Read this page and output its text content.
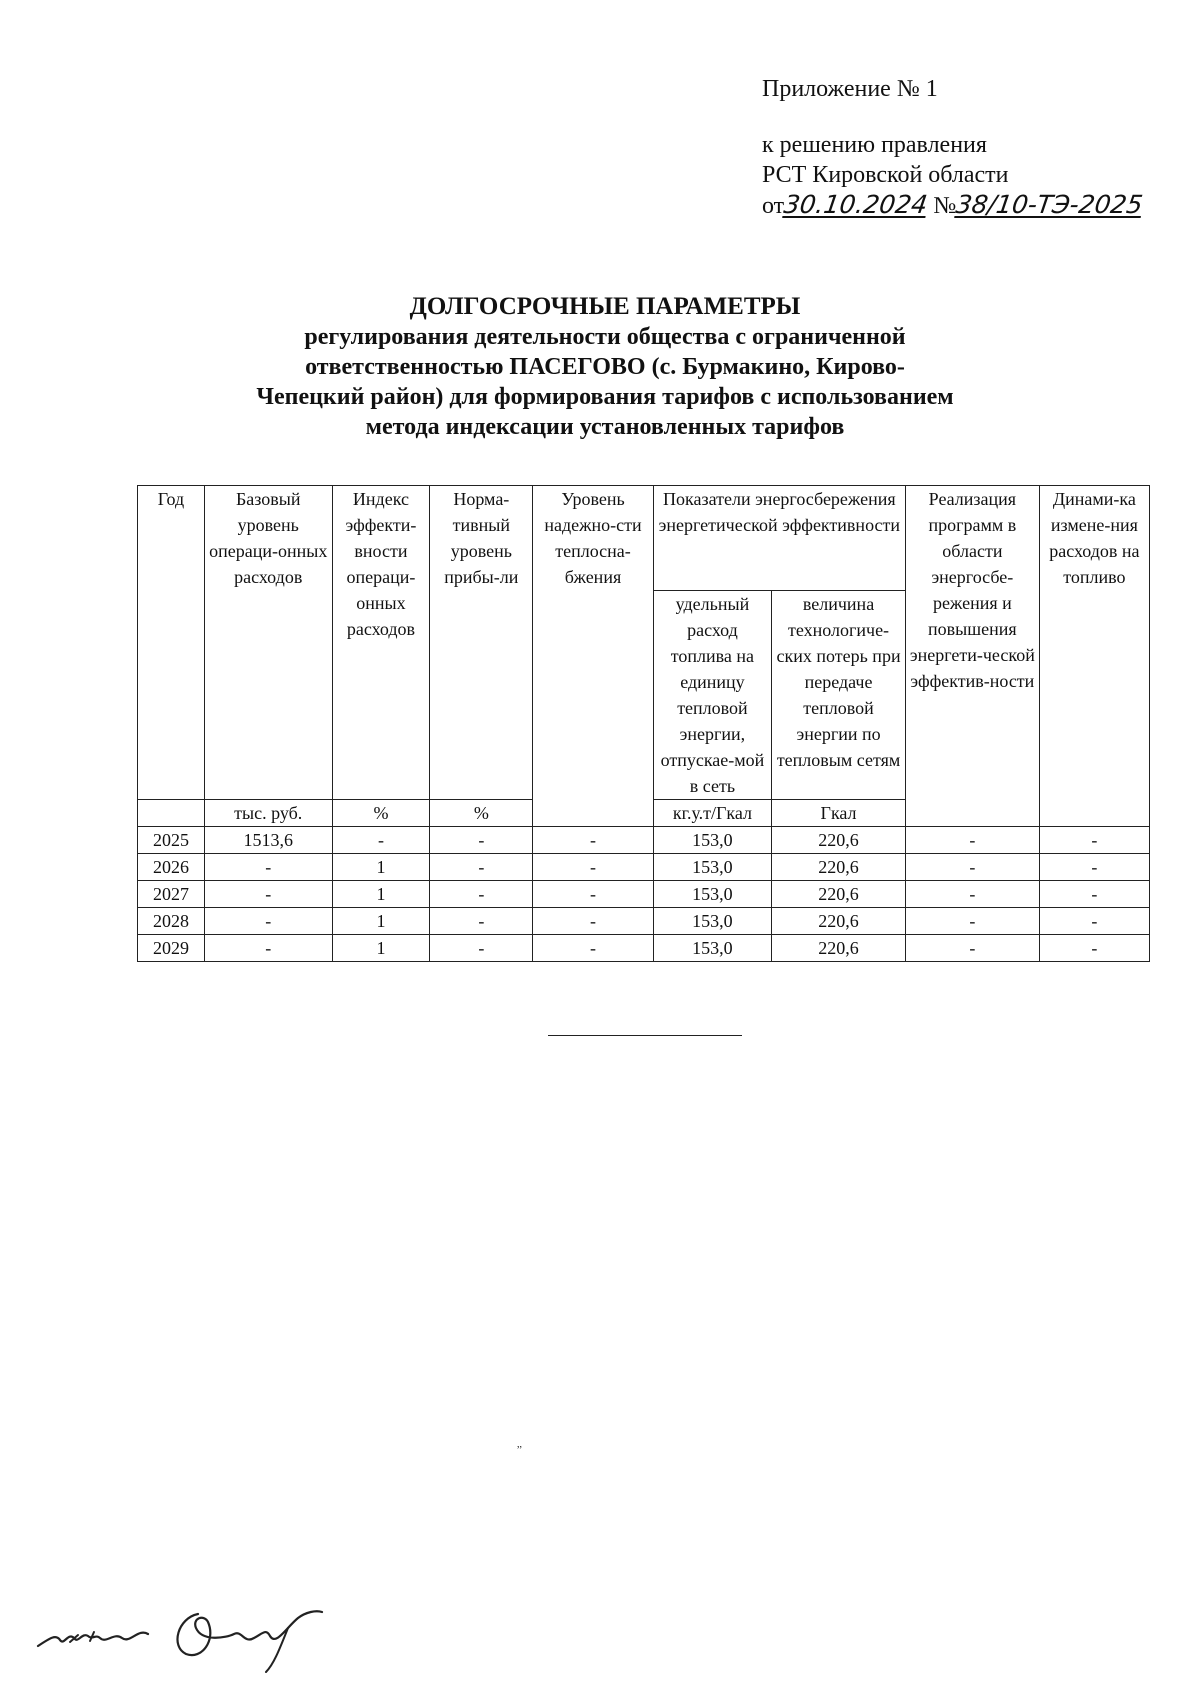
Приложение № 1
к решению правления
РСТ Кировской области
от30.10.2024 №38/10-ТЭ-2025
ДОЛГОСРОЧНЫЕ ПАРАМЕТРЫ
регулирования деятельности общества с ограниченной
ответственностью ПАСЕГОВО (с. Бурмакино, Кирово-
Чепецкий район) для формирования тарифов с использованием
метода индексации установленных тарифов
Год	Базовый уровень операци-онных расходов	Индекс эффекти-вности операци-онных расходов	Норма-тивный уровень прибы-ли	Уровень надежно-сти теплосна-бжения	Показатели энергосбережения энергетической эффективности		Реализация программ в области энергосбе-режения и повышения энергети-ческой эффектив-ности	Динами-ка измене-ния расходов на топливо
					удельный расход топлива на единицу тепловой энергии, отпускае-мой в сеть	величина технологиче-ских потерь при передаче тепловой энергии по тепловым сетям		
	тыс. руб.	%	%		кг.у.т/Гкал	Гкал		
2025	1513,6	-	-	-	153,0	220,6	-	-
2026	-	1	-	-	153,0	220,6	-	-
2027	-	1	-	-	153,0	220,6	-	-
2028	-	1	-	-	153,0	220,6	-	-
2029	-	1	-	-	153,0	220,6	-	-
,,
